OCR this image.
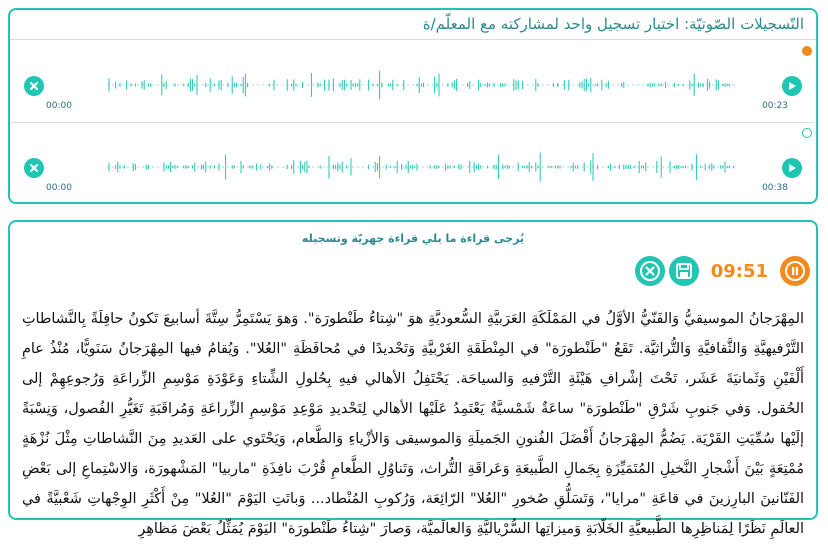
التّسجيلات الصّوتيّة: اختيار تسجيل واحد لمشاركته مع المعلّم/ة
00:00	00:23
00:00	00:38
يُرجى قراءة ما يلي قراءة جهريّة وتسجيله
09:51
المِهْرَجانُ الموسيقيُّ وَالفَنّيُّ الأوَّلُ في المَمْلَكَةِ العَرَبيَّةِ السُّعوديَّةِ هوَ "شِتاءُ طَنْطورَة". وَهوَ يَسْتَمِرُّ سِتَّةَ أسابيعَ تَكونُ حافِلَةً بِالنَّشاطاتِ التَّرْفيهيَّةِ وَالثَّقافيَّةِ وَالتُّراثيَّة. تَقَعُ "طَنْطورَة" في المِنْطَقَةِ الغَرْبيَّةِ وَتَحْديدًا في مُحافَظَةِ "العُلا". وَيُقامُ فيها المِهْرَجانُ سَنَويًّا، مُنْذُ عامِ أَلْفَيْنِ وَثَمانيَةَ عَشَر، تَحْتَ إشْرافِ هَيْئَةِ التَّرْفيهِ وَالسياحَة. يَحْتَفِلُ الأهالي فيهِ بِحُلولِ الشِّتاءِ وَعَوْدَةِ مَوْسِمِ الزِّراعَةِ وَرُجوعِهِمْ إلى الحُقول. وَفي جَنوبِ شَرْقِ "طَنْطورَة" ساعَةٌ شَمْسيَّةٌ يَعْتَمِدُ عَلَيْها الأهالي لِتَحْديدِ مَوْعِدِ مَوْسِمِ الزِّراعَةِ وَمُراقَبَةِ تَغَيُّرِ الفُصول، وَنِسْبَةً إلَيْها سُمِّيَتِ القَرْيَة. يَضُمُّ المِهْرَجانُ أَفْضَلَ الفُنونِ الجَميلَةِ وَالموسيقى وَالأزْياءِ وَالطَّعام، وَيَحْتَوي على العَديدِ مِنَ النَّشاطاتِ مِثْلَ نُزْهَةٍ مُمْتِعَةٍ بَيْنَ أَشْجارِ النَّخيلِ المُتَمَيِّزَةِ بِجَمالِ الطَّبيعَةِ وَعَراقَةِ التُّراث، وَتَناوُلِ الطَّعامِ قُرْبَ نافِذَةِ "ماربيا" المَشْهورَة، وَالاسْتِماعِ إلى بَعْضِ الفَنّانينَ البارِزينَ في قاعَةِ "مرايا"، وَتَسَلُّقِ صُخورِ "العُلا" الرّائِعَة، وَرُكوبِ المُنْطاد... وَباتَتِ اليَوْمَ "العُلا" مِنْ أَكْثَرِ الوِجْهاتِ شَعْبيَّةً في العالَمِ نَظَرًا لِمَناظِرِها الطَّبيعيَّةِ الخَلّابَةِ وَميزاتِها السُّرْياليَّةِ وَالعالَميَّة، وَصارَ "شِتاءُ طَنْطورَة" اليَوْمَ يُمَثِّلُ بَعْضَ مَظاهِرِ
